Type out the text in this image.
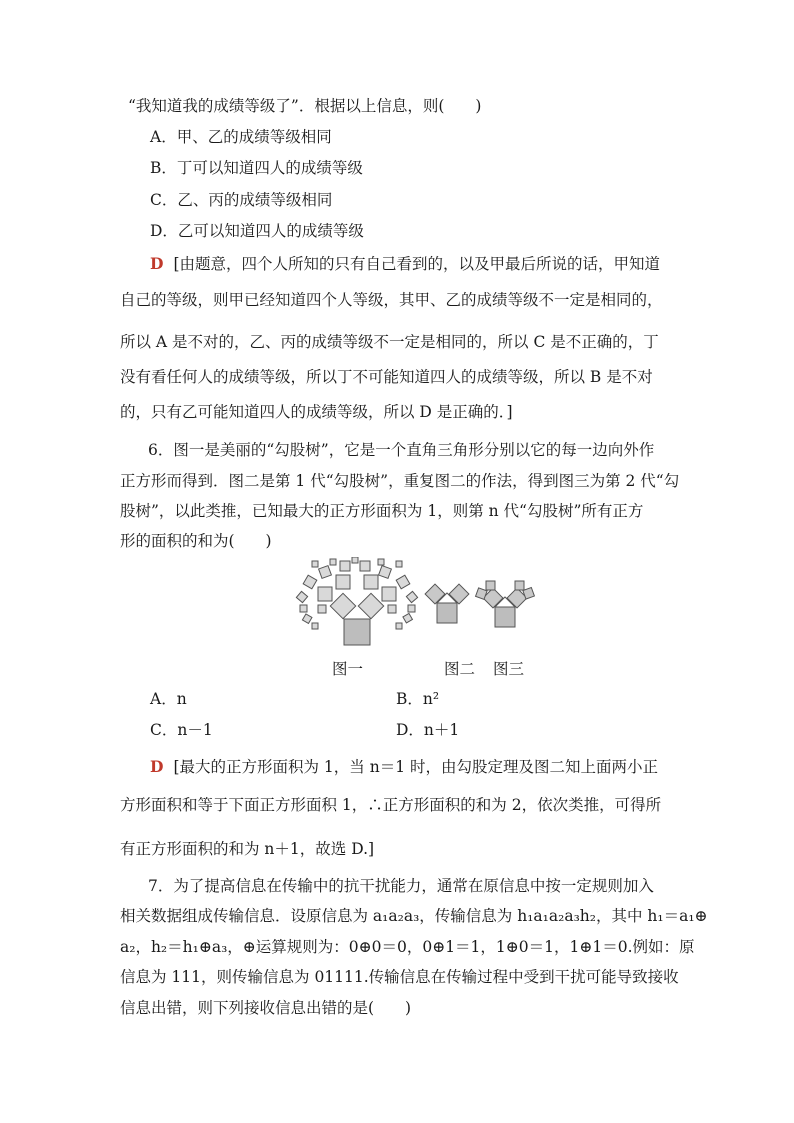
“我知道我的成绩等级了”．根据以上信息，则(　　)
A．甲、乙的成绩等级相同
B．丁可以知道四人的成绩等级
C．乙、丙的成绩等级相同
D．乙可以知道四人的成绩等级
D [由题意，四个人所知的只有自己看到的，以及甲最后所说的话，甲知道
自己的等级，则甲已经知道四个人等级，其甲、乙的成绩等级不一定是相同的，
所以 A 是不对的，乙、丙的成绩等级不一定是相同的，所以 C 是不正确的，丁
没有看任何人的成绩等级，所以丁不可能知道四人的成绩等级，所以 B 是不对
的，只有乙可能知道四人的成绩等级，所以 D 是正确的．]
6．图一是美丽的“勾股树”，它是一个直角三角形分别以它的每一边向外作
正方形而得到．图二是第 1 代“勾股树”，重复图二的作法，得到图三为第 2 代“勾
股树”，以此类推，已知最大的正方形面积为 1，则第 n 代“勾股树”所有正方
形的面积的和为(　　)
图一	图二 图三
A．n	B．n²
C．n－1	D．n＋1
D [最大的正方形面积为 1，当 n＝1 时，由勾股定理及图二知上面两小正
方形面积和等于下面正方形面积 1，∴正方形面积的和为 2，依次类推，可得所
有正方形面积的和为 n＋1，故选 D.]
7．为了提高信息在传输中的抗干扰能力，通常在原信息中按一定规则加入
相关数据组成传输信息．设原信息为 a₁a₂a₃，传输信息为 h₁a₁a₂a₃h₂，其中 h₁＝a₁⊕
a₂，h₂＝h₁⊕a₃，⊕运算规则为：0⊕0＝0，0⊕1＝1，1⊕0＝1，1⊕1＝0.例如：原
信息为 111，则传输信息为 01111.传输信息在传输过程中受到干扰可能导致接收
信息出错，则下列接收信息出错的是(　　)
